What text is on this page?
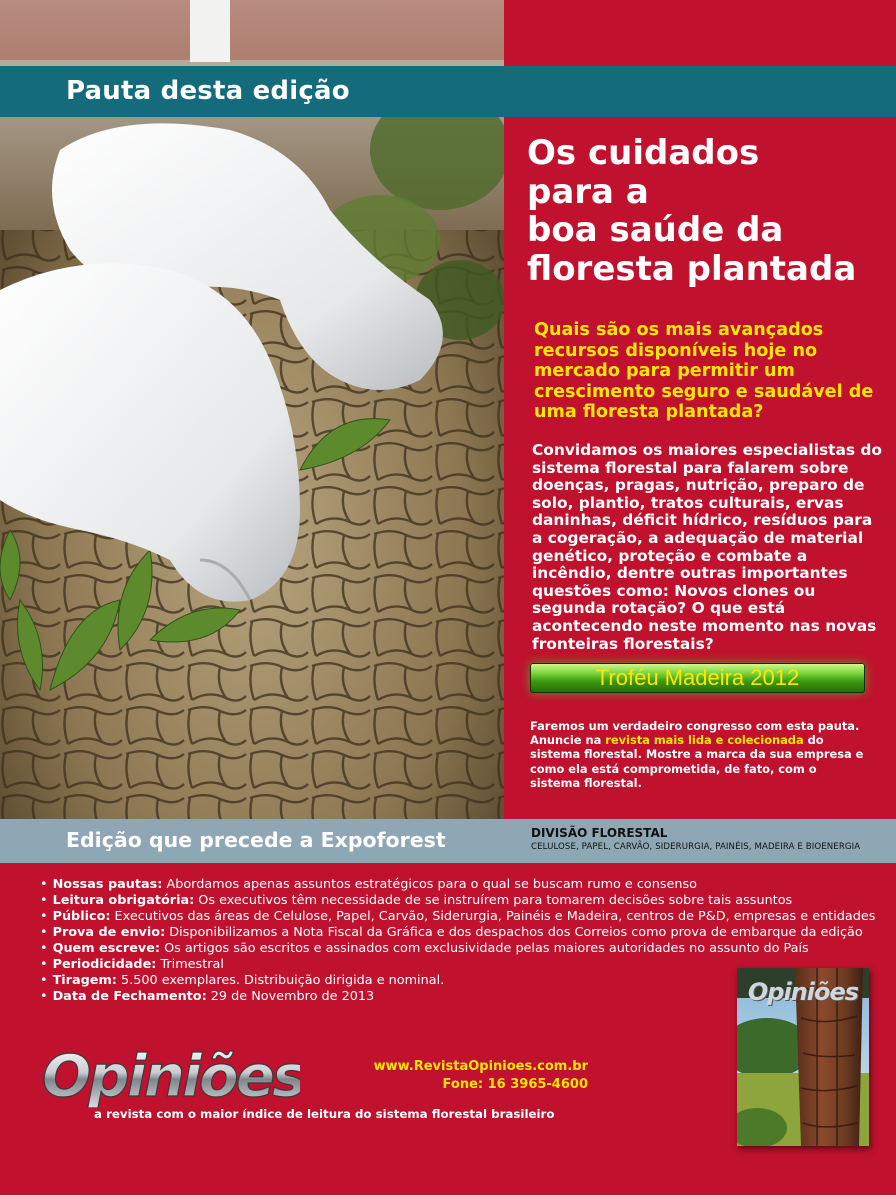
Pauta desta edição
Os cuidados
para a
boa saúde da
floresta plantada
Quais são os mais avançados recursos disponíveis hoje no mercado para permitir um crescimento seguro e saudável de uma floresta plantada?
Convidamos os maiores especialistas do sistema florestal para falarem sobre doenças, pragas, nutrição, preparo de solo, plantio, tratos culturais, ervas daninhas, déficit hídrico, resíduos para a cogeração, a adequação de material genético, proteção e combate a incêndio, dentre outras importantes questões como: Novos clones ou segunda rotação? O que está acontecendo neste momento nas novas fronteiras florestais?
Troféu Madeira 2012
Faremos um verdadeiro congresso com esta pauta. Anuncie na revista mais lida e colecionada do sistema florestal. Mostre a marca da sua empresa e como ela está comprometida, de fato, com o sistema florestal.
Edição que precede a Expoforest	DIVISÃO FLORESTAL
CELULOSE, PAPEL, CARVÃO, SIDERURGIA, PAINÉIS, MADEIRA E BIOENERGIA
• Nossas pautas: Abordamos apenas assuntos estratégicos para o qual se buscam rumo e consenso
• Leitura obrigatória: Os executivos têm necessidade de se instruírem para tomarem decisões sobre tais assuntos
• Público: Executivos das áreas de Celulose, Papel, Carvão, Siderurgia, Painéis e Madeira, centros de P&D, empresas e entidades
• Prova de envio: Disponibilizamos a Nota Fiscal da Gráfica e dos despachos dos Correios como prova de embarque da edição
• Quem escreve: Os artigos são escritos e assinados com exclusividade pelas maiores autoridades no assunto do País
• Periodicidade: Trimestral
• Tiragem: 5.500 exemplares. Distribuição dirigida e nominal.
• Data de Fechamento: 29 de Novembro de 2013
Opiniões
a revista com o maior índice de leitura do sistema florestal brasileiro
www.RevistaOpinioes.com.br
Fone: 16 3965-4600
Opiniões
